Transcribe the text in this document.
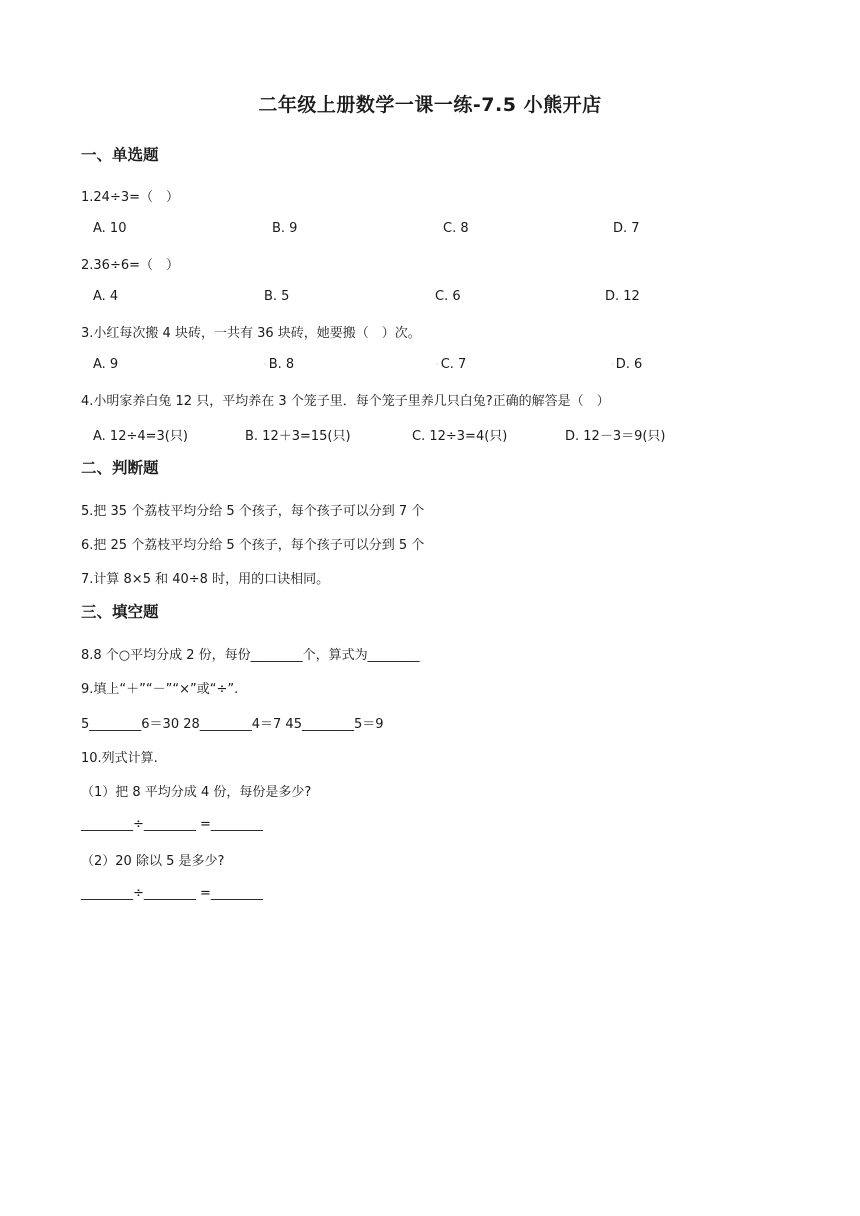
二年级上册数学一课一练-7.5 小熊开店
一、单选题
1.24÷3=（　）
A. 10	B. 9	C. 8	D. 7
2.36÷6=（　）
A. 4	B. 5	C. 6	D. 12
3.小红每次搬 4 块砖，一共有 36 块砖，她要搬（　）次。
A. 9	◦B. 8	◦C. 7	◦D. 6
4.小明家养白兔 12 只，平均养在 3 个笼子里．每个笼子里养几只白兔?正确的解答是（　）
A. 12÷4=3(只)	B. 12＋3=15(只)	C. 12÷3=4(只)	D. 12－3＝9(只)
二、判断题
5.把 35 个荔枝平均分给 5 个孩子，每个孩子可以分到 7 个
6.把 25 个荔枝平均分给 5 个孩子，每个孩子可以分到 5 个
7.计算 8×5 和 40÷8 时，用的口诀相同。
三、填空题
8.8 个○平均分成 2 份，每份________个，算式为________
9.填上“＋”“－”“×”或“÷”.
5________6＝30 28________4＝7 45________5＝9
10.列式计算.
（1）把 8 平均分成 4 份，每份是多少?
________÷________ =________
（2）20 除以 5 是多少?
________÷________ =________
